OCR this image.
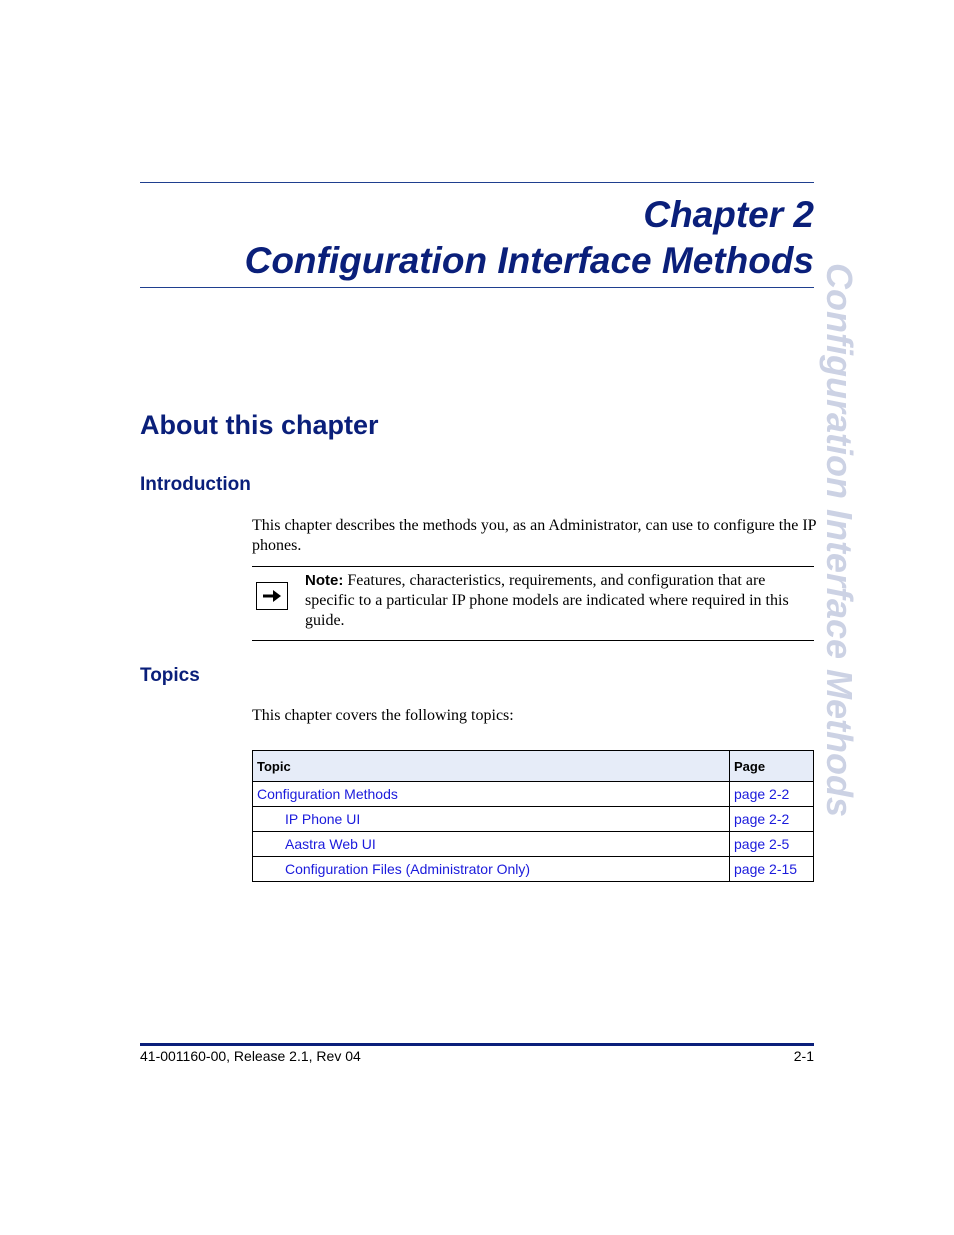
Chapter 2
Configuration Interface Methods
Configuration Interface Methods
About this chapter
Introduction
This chapter describes the methods you, as an Administrator, can use to configure the IP phones.
Note: Features, characteristics, requirements, and configuration that are specific to a particular IP phone models are indicated where required in this guide.
Topics
This chapter covers the following topics:
Topic	Page
Configuration Methods	page 2-2
IP Phone UI	page 2-2
Aastra Web UI	page 2-5
Configuration Files (Administrator Only)	page 2-15
41-001160-00, Release 2.1, Rev 04	2-1
